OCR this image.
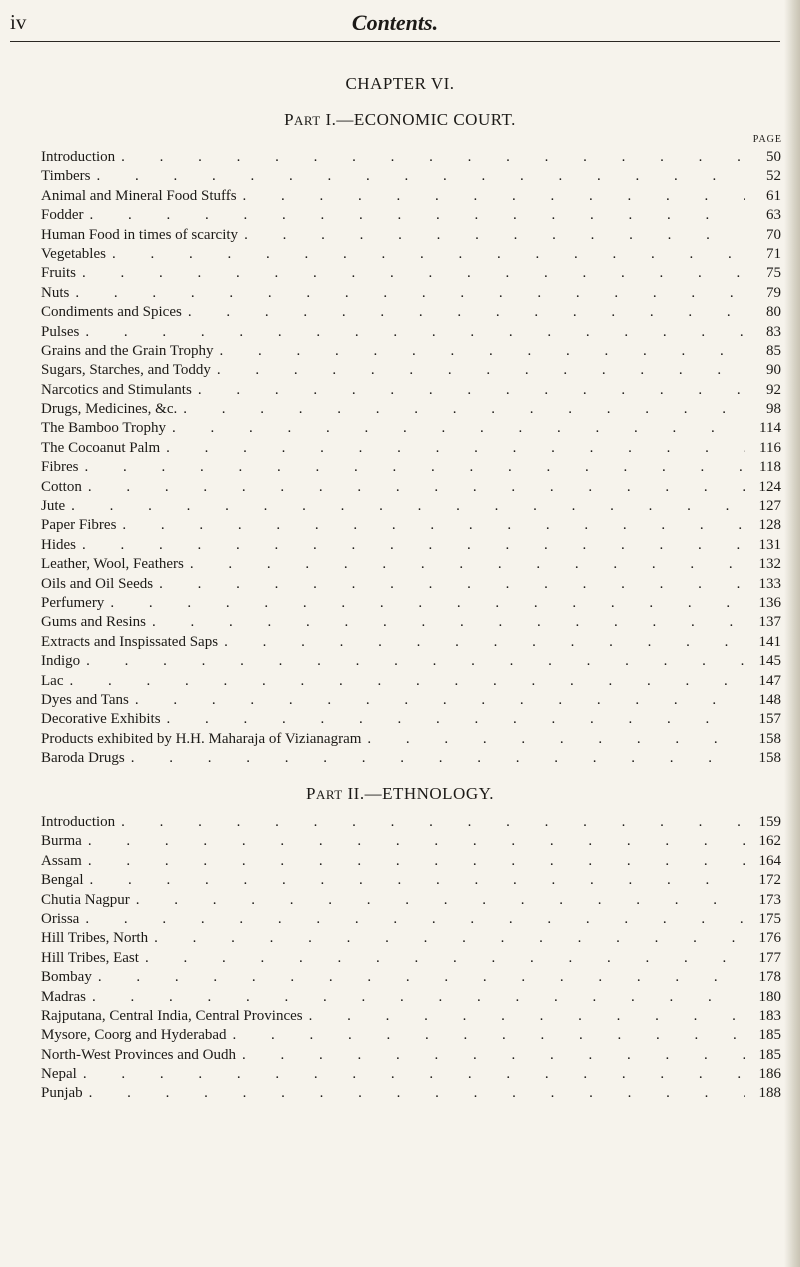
iv	Contents.
CHAPTER VI.
PART I.—ECONOMIC COURT.
PAGE
Introduction . . .	50
Timbers . . .	52
Animal and Mineral Food Stuffs . . .	61
Fodder . . .	63
Human Food in times of scarcity . . .	70
Vegetables . . .	71
Fruits . . .	75
Nuts . . .	79
Condiments and Spices . . .	80
Pulses . . .	83
Grains and the Grain Trophy . . .	85
Sugars, Starches, and Toddy . . .	90
Narcotics and Stimulants . . .	92
Drugs, Medicines, &c. . . .	98
The Bamboo Trophy . . .	114
The Cocoanut Palm . . .	116
Fibres . . .	118
Cotton . . .	124
Jute . . .	127
Paper Fibres . . .	128
Hides . . .	131
Leather, Wool, Feathers . . .	132
Oils and Oil Seeds . . .	133
Perfumery . . .	136
Gums and Resins . . .	137
Extracts and Inspissated Saps . . .	141
Indigo . . .	145
Lac . . .	147
Dyes and Tans . . .	148
Decorative Exhibits . . .	157
Products exhibited by H.H. Maharaja of Vizianagram . . .	158
Baroda Drugs . . .	158
PART II.—ETHNOLOGY.
Introduction . . .	159
Burma . . .	162
Assam . . .	164
Bengal . . .	172
Chutia Nagpur . . .	173
Orissa . . .	175
Hill Tribes, North . . .	176
Hill Tribes, East . . .	177
Bombay . . .	178
Madras . . .	180
Rajputana, Central India, Central Provinces . . .	183
Mysore, Coorg and Hyderabad . . .	185
North-West Provinces and Oudh . . .	185
Nepal . . .	186
Punjab . . .	188
